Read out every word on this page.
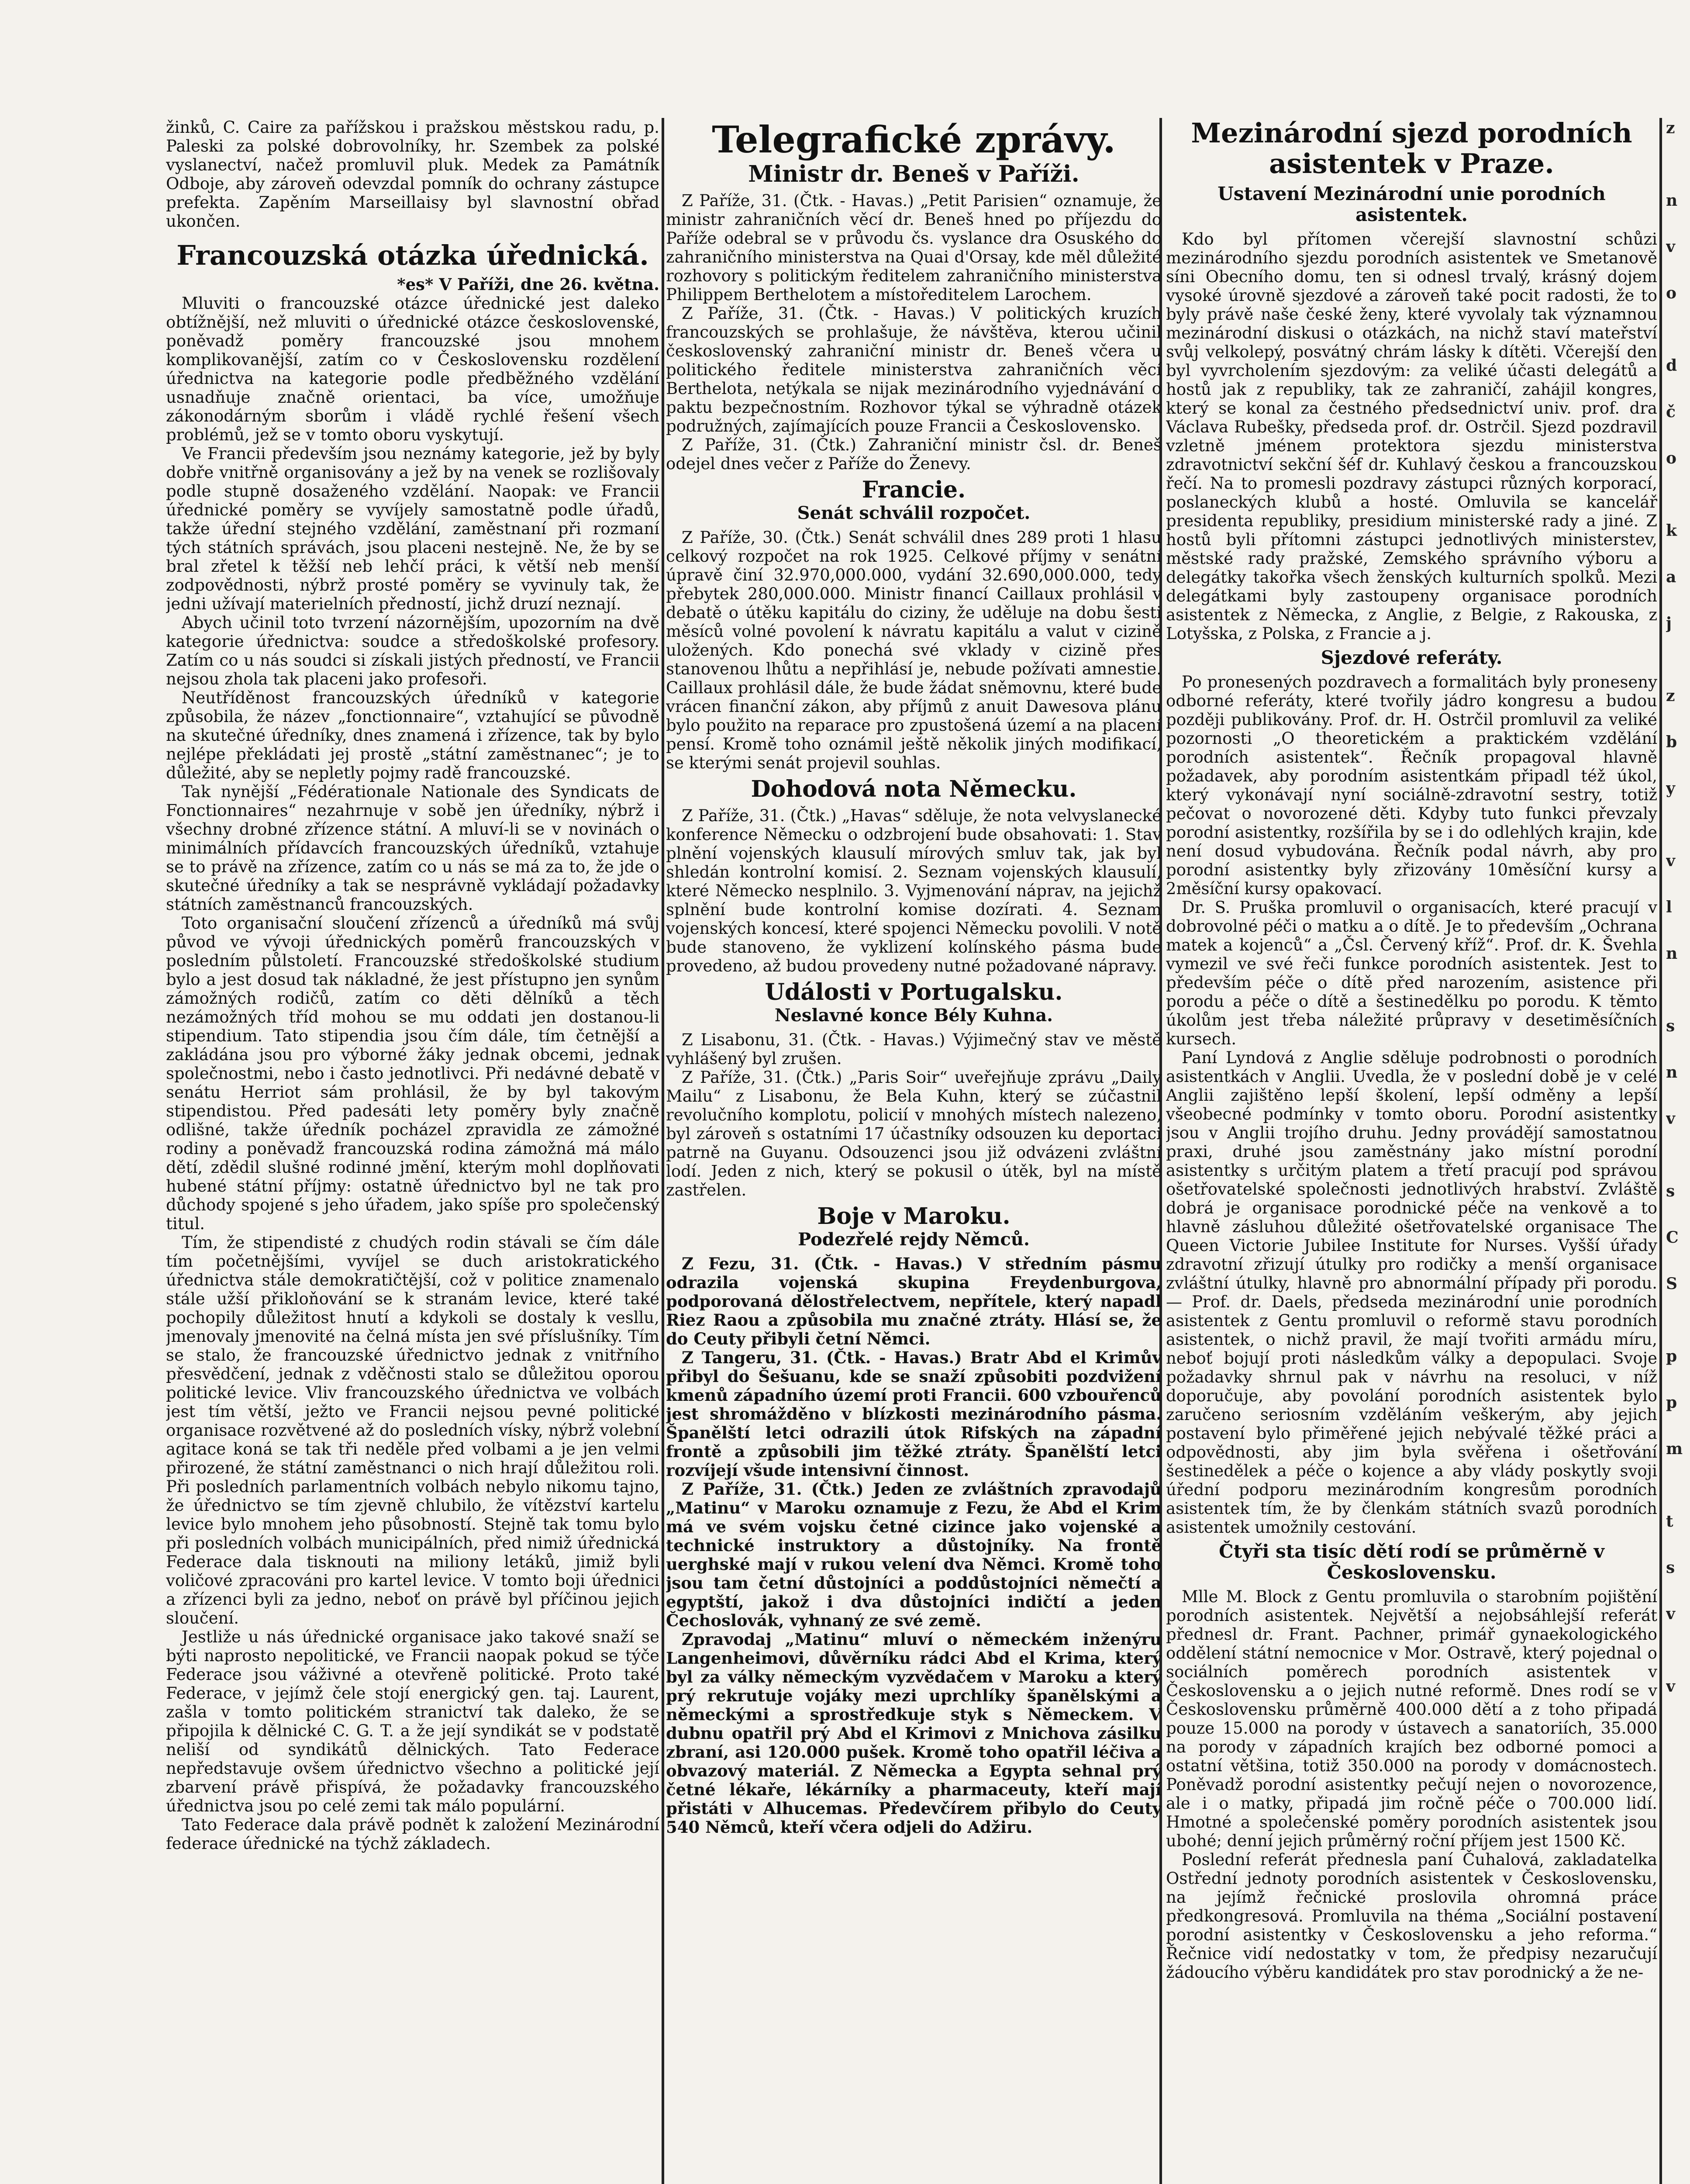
žinků, C. Caire za pařížskou i pražskou městskou radu, p. Paleski za polské dobrovolníky, hr. Szembek za polské vyslanectví, načež promluvil pluk. Medek za Památník Odboje, aby zároveň odevzdal pomník do ochrany zástupce prefekta. Zapěním Marseillaisy byl slavnostní obřad ukončen.

Francouzská otázka úřednická.

*es* V Paříži, dne 26. května.

Mluviti o francouzské otázce úřednické jest daleko obtížnější, než mluviti o úřednické otázce československé, poněvadž poměry francouzské jsou mnohem komplikovanější, zatím co v Československu rozdělení úřednictva na kategorie podle předběžného vzdělání usnadňuje značně orientaci, ba více, umožňuje zákonodárným sborům i vládě rychlé řešení všech problémů, jež se v tomto oboru vyskytují.

Ve Francii především jsou neznámy kategorie, jež by byly dobře vnitřně organisovány a jež by na venek se rozlišovaly podle stupně dosaženého vzdělání. Naopak: ve Francii úřednické poměry se vyvíjely samostatně podle úřadů, takže úřední stejného vzdělání, zaměstnaní při rozmaní tých státních správách, jsou placeni nestejně. Ne, že by se bral zřetel k těžší neb lehčí práci, k větší neb menší zodpovědnosti, nýbrž prosté poměry se vyvinuly tak, že jedni užívají materielních předností, jichž druzí neznají.

Abych učinil toto tvrzení názornějším, upozorním na dvě kategorie úřednictva: soudce a středoškolské profesory. Zatím co u nás soudci si získali jistých předností, ve Francii nejsou zhola tak placeni jako profesoři.

Neutříděnost francouzských úředníků v kategorie způsobila, že název „fonctionnaire“, vztahující se původně na skutečné úředníky, dnes znamená i zřízence, tak by bylo nejlépe překládati jej prostě „státní zaměstnanec“; je to důležité, aby se nepletly pojmy radě francouzské.

Tak nynější „Fédérationale Nationale des Syndicats de Fonctionnaires“ nezahrnuje v sobě jen úředníky, nýbrž i všechny drobné zřízence státní. A mluví-li se v novinách o minimálních přídavcích francouzských úředníků, vztahuje se to právě na zřízence, zatím co u nás se má za to, že jde o skutečné úředníky a tak se nesprávně vykládají požadavky státních zaměstnanců francouzských.

Toto organisační sloučení zřízenců a úředníků má svůj původ ve vývoji úřednických poměrů francouzských v posledním půlstoletí. Francouzské středoškolské studium bylo a jest dosud tak nákladné, že jest přístupno jen synům zámožných rodičů, zatím co děti dělníků a těch nezámožných tříd mohou se mu oddati jen dostanou-li stipendium. Tato stipendia jsou čím dále, tím četnější a zakládána jsou pro výborné žáky jednak obcemi, jednak společnostmi, nebo i často jednotlivci. Při nedávné debatě v senátu Herriot sám prohlásil, že by byl takovým stipendistou. Před padesáti lety poměry byly značně odlišné, takže úředník pocházel zpravidla ze zámožné rodiny a poněvadž francouzská rodina zámožná má málo dětí, zdědil slušné rodinné jmění, kterým mohl doplňovati hubené státní příjmy: ostatně úřednictvo byl ne tak pro důchody spojené s jeho úřadem, jako spíše pro společenský titul.

Tím, že stipendisté z chudých rodin stávali se čím dále tím početnějšími, vyvíjel se duch aristokratického úřednictva stále demokratičtější, což v politice znamenalo stále užší přikloňování se k stranám levice, které také pochopily důležitost hnutí a kdykoli se dostaly k vesllu, jmenovaly jmenovité na čelná místa jen své příslušníky. Tím se stalo, že francouzské úřednictvo jednak z vnitřního přesvědčení, jednak z vděčnosti stalo se důležitou oporou politické levice. Vliv francouzského úřednictva ve volbách jest tím větší, ježto ve Francii nejsou pevné politické organisace rozvětvené až do posledních vísky, nýbrž volební agitace koná se tak tři neděle před volbami a je jen velmi přirozené, že státní zaměstnanci o nich hrají důležitou roli. Při posledních parlamentních volbách nebylo nikomu tajno, že úřednictvo se tím zjevně chlubilo, že vítězství kartelu levice bylo mnohem jeho působností. Stejně tak tomu bylo při posledních volbách municipálních, před nimiž úřednická Federace dala tisknouti na miliony letáků, jimiž byli voličové zpracováni pro kartel levice. V tomto boji úřednici a zřízenci byli za jedno, neboť on právě byl příčinou jejich sloučení.

Jestliže u nás úřednické organisace jako takové snaží se býti naprosto nepolitické, ve Francii naopak pokud se týče Federace jsou váživné a otevřeně politické. Proto také Federace, v jejímž čele stojí energický gen. taj. Laurent, zašla v tomto politickém stranictví tak daleko, že se připojila k dělnické C. G. T. a že její syndikát se v podstatě neliší od syndikátů dělnických. Tato Federace nepředstavuje ovšem úřednictvo všechno a politické její zbarvení právě přispívá, že požadavky francouzského úřednictva jsou po celé zemi tak málo populární.

Tato Federace dala právě podnět k založení Mezinárodní federace úřednické na týchž základech.

Telegrafické zprávy.
Ministr dr. Beneš v Paříži.

Z Paříže, 31. (Čtk. - Havas.) „Petit Parisien“ oznamuje, že ministr zahraničních věcí dr. Beneš hned po příjezdu do Paříže odebral se v průvodu čs. vyslance dra Osuského do zahraničního ministerstva na Quai d'Orsay, kde měl důležité rozhovory s politickým ředitelem zahraničního ministerstva Philippem Berthelotem a místoředitelem Larochem.

Z Paříže, 31. (Čtk. - Havas.) V politických kruzích francouzských se prohlašuje, že návštěva, kterou učinil československý zahraniční ministr dr. Beneš včera u politického ředitele ministerstva zahraničních věcí Berthelota, netýkala se nijak mezinárodního vyjednávání o paktu bezpečnostním. Rozhovor týkal se výhradně otázek podružných, zajímajících pouze Francii a Československo.

Z Paříže, 31. (Čtk.) Zahraniční ministr čsl. dr. Beneš odejel dnes večer z Paříže do Ženevy.

Francie.
Senát schválil rozpočet.

Z Paříže, 30. (Čtk.) Senát schválil dnes 289 proti 1 hlasu celkový rozpočet na rok 1925. Celkové příjmy v senátní úpravě činí 32.970,000.000, vydání 32.690,000.000, tedy přebytek 280,000.000. Ministr financí Caillaux prohlásil v debatě o útěku kapitálu do ciziny, že uděluje na dobu šesti měsíců volné povolení k návratu kapitálu a valut v cizině uložených. Kdo ponechá své vklady v cizině přes stanovenou lhůtu a nepřihlásí je, nebude požívati amnestie. Caillaux prohlásil dále, že bude žádat sněmovnu, které bude vrácen finanční zákon, aby příjmů z anuit Dawesova plánu bylo použito na reparace pro zpustošená území a na placení pensí. Kromě toho oznámil ještě několik jiných modifikací, se kterými senát projevil souhlas.

Dohodová nota Německu.

Z Paříže, 31. (Čtk.) „Havas“ sděluje, že nota velvyslanecké konference Německu o odzbrojení bude obsahovati: 1. Stav plnění vojenských klausulí mírových smluv tak, jak byl shledán kontrolní komisí. 2. Seznam vojenských klausulí, které Německo nesplnilo. 3. Vyjmenování náprav, na jejichž splnění bude kontrolní komise dozírati. 4. Seznam vojenských koncesí, které spojenci Německu povolili. V notě bude stanoveno, že vyklizení kolínského pásma bude provedeno, až budou provedeny nutné požadované nápravy.

Události v Portugalsku.
Neslavné konce Bély Kuhna.

Z Lisabonu, 31. (Čtk. - Havas.) Výjimečný stav ve městě vyhlášený byl zrušen.

Z Paříže, 31. (Čtk.) „Paris Soir“ uveřejňuje zprávu „Daily Mailu“ z Lisabonu, že Bela Kuhn, který se zúčastnil revolučního komplotu, policií v mnohých místech nalezeno, byl zároveň s ostatními 17 účastníky odsouzen ku deportaci patrně na Guyanu. Odsouzenci jsou již odvázeni zvláštní lodí. Jeden z nich, který se pokusil o útěk, byl na místě zastřelen.

Boje v Maroku.
Podezřelé rejdy Němců.

Z Fezu, 31. (Čtk. - Havas.) V středním pásmu odrazila vojenská skupina Freydenburgova, podporovaná dělostřelectvem, nepřítele, který napadl Riez Raou a způsobila mu značné ztráty. Hlásí se, že do Ceuty přibyli četní Němci.

Z Tangeru, 31. (Čtk. - Havas.) Bratr Abd el Krimův přibyl do Šešuanu, kde se snaží způsobiti pozdvižení kmenů západního území proti Francii. 600 vzbouřenců jest shromážděno v blízkosti mezinárodního pásma. Španělští letci odrazili útok Rifských na západní frontě a způsobili jim těžké ztráty. Španělští letci rozvíjejí všude intensivní činnost.

Z Paříže, 31. (Čtk.) Jeden ze zvláštních zpravodajů „Matinu“ v Maroku oznamuje z Fezu, že Abd el Krim má ve svém vojsku četné cizince jako vojenské a technické instruktory a důstojníky. Na frontě uerghské mají v rukou velení dva Němci. Kromě toho jsou tam četní důstojníci a poddůstojníci němečtí a egyptští, jakož i dva důstojníci indičtí a jeden Čechoslovák, vyhnaný ze své země.

Zpravodaj „Matinu“ mluví o německém inženýru Langenheimovi, důvěrníku rádci Abd el Krima, který byl za války německým vyzvědačem v Maroku a který prý rekrutuje vojáky mezi uprchlíky španělskými a německými a sprostředkuje styk s Německem. V dubnu opatřil prý Abd el Krimovi z Mnichova zásilku zbraní, asi 120.000 pušek. Kromě toho opatřil léčiva a obvazový materiál. Z Německa a Egypta sehnal prý četné lékaře, lékárníky a pharmaceuty, kteří mají přistáti v Alhucemas. Předevčírem přibylo do Ceuty 540 Němců, kteří včera odjeli do Adžiru.

Mezinárodní sjezd porodních asistentek v Praze.
Ustavení Mezinárodní unie porodních asistentek.

Kdo byl přítomen včerejší slavnostní schůzi mezinárodního sjezdu porodních asistentek ve Smetanově síni Obecního domu, ten si odnesl trvalý, krásný dojem vysoké úrovně sjezdové a zároveň také pocit radosti, že to byly právě naše české ženy, které vyvolaly tak významnou mezinárodní diskusi o otázkách, na nichž staví mateřství svůj velkolepý, posvátný chrám lásky k dítěti. Včerejší den byl vyvrcholením sjezdovým: za veliké účasti delegátů a hostů jak z republiky, tak ze zahraničí, zahájil kongres, který se konal za čestného předsednictví univ. prof. dra Václava Rubešky, předseda prof. dr. Ostrčil. Sjezd pozdravil vzletně jménem protektora sjezdu ministerstva zdravotnictví sekční šéf dr. Kuhlavý českou a francouzskou řečí. Na to promesli pozdravy zástupci různých korporací, poslaneckých klubů a hosté. Omluvila se kancelář presidenta republiky, presidium ministerské rady a jiné. Z hostů byli přítomni zástupci jednotlivých ministerstev, městské rady pražské, Zemského správního výboru a delegátky takořka všech ženských kulturních spolků. Mezi delegátkami byly zastoupeny organisace porodních asistentek z Německa, z Anglie, z Belgie, z Rakouska, z Lotyšska, z Polska, z Francie a j.

Sjezdové referáty.

Po pronesených pozdravech a formalitách byly proneseny odborné referáty, které tvořily jádro kongresu a budou později publikovány. Prof. dr. H. Ostrčil promluvil za veliké pozornosti „O theoretickém a praktickém vzdělání porodních asistentek“. Řečník propagoval hlavně požadavek, aby porodním asistentkám připadl též úkol, který vykonávají nyní sociálně-zdravotní sestry, totiž pečovat o novorozené děti. Kdyby tuto funkci převzaly porodní asistentky, rozšířila by se i do odlehlých krajin, kde není dosud vybudována. Řečník podal návrh, aby pro porodní asistentky byly zřizovány 10měsíční kursy a 2měsíční kursy opakovací.

Dr. S. Pruška promluvil o organisacích, které pracují v dobrovolné péči o matku a o dítě. Je to především „Ochrana matek a kojenců“ a „Čsl. Červený kříž“. Prof. dr. K. Švehla vymezil ve své řeči funkce porodních asistentek. Jest to především péče o dítě před narozením, asistence při porodu a péče o dítě a šestinedělku po porodu. K těmto úkolům jest třeba náležité průpravy v desetiměsíčních kursech.

Paní Lyndová z Anglie sděluje podrobnosti o porodních asistentkách v Anglii. Uvedla, že v poslední době je v celé Anglii zajištěno lepší školení, lepší odměny a lepší všeobecné podmínky v tomto oboru. Porodní asistentky jsou v Anglii trojího druhu. Jedny provádějí samostatnou praxi, druhé jsou zaměstnány jako místní porodní asistentky s určitým platem a třetí pracují pod správou ošetřovatelské společnosti jednotlivých hrabství. Zvláště dobrá je organisace porodnické péče na venkově a to hlavně zásluhou důležité ošetřovatelské organisace The Queen Victorie Jubilee Institute for Nurses. Vyšší úřady zdravotní zřizují útulky pro rodičky a menší organisace zvláštní útulky, hlavně pro abnormální případy při porodu. — Prof. dr. Daels, předseda mezinárodní unie porodních asistentek z Gentu promluvil o reformě stavu porodních asistentek, o nichž pravil, že mají tvořiti armádu míru, neboť bojují proti následkům války a depopulaci. Svoje požadavky shrnul pak v návrhu na resoluci, v níž doporučuje, aby povolání porodních asistentek bylo zaručeno seriosním vzděláním veškerým, aby jejich postavení bylo přiměřené jejich nebývalé těžké práci a odpovědnosti, aby jim byla svěřena i ošetřování šestinedělek a péče o kojence a aby vlády poskytly svoji úřední podporu mezinárodním kongresům porodních asistentek tím, že by členkám státních svazů porodních asistentek umožnily cestování.

Čtyři sta tisíc dětí rodí se průměrně v Československu.

Mlle M. Block z Gentu promluvila o starobním pojištění porodních asistentek. Největší a nejobsáhlejší referát přednesl dr. Frant. Pachner, primář gynaekologického oddělení státní nemocnice v Mor. Ostravě, který pojednal o sociálních poměrech porodních asistentek v Československu a o jejich nutné reformě. Dnes rodí se v Československu průměrně 400.000 dětí a z toho připadá pouze 15.000 na porody v ústavech a sanatoriích, 35.000 na porody v západních krajích bez odborné pomoci a ostatní většina, totiž 350.000 na porody v domácnostech. Poněvadž porodní asistentky pečují nejen o novorozence, ale i o matky, připadá jim ročně péče o 700.000 lidí. Hmotné a společenské poměry porodních asistentek jsou ubohé; denní jejich průměrný roční příjem jest 1500 Kč.

Poslední referát přednesla paní Čuhalová, zakladatelka Ostřední jednoty porodních asistentek v Československu, na jejímž řečnické proslovila ohromná práce předkongresová. Promluvila na théma „Sociální postavení porodní asistentky v Československu a jeho reforma.“ Řečnice vidí nedostatky v tom, že předpisy nezaručují žádoucího výběru kandidátek pro stav porodnický a že ne-

z
n
v
o
d
č
o
k
a
j
z
b
y
v
l
n
s
n
v
s
C
S
p
p
m
t
s
v
v
